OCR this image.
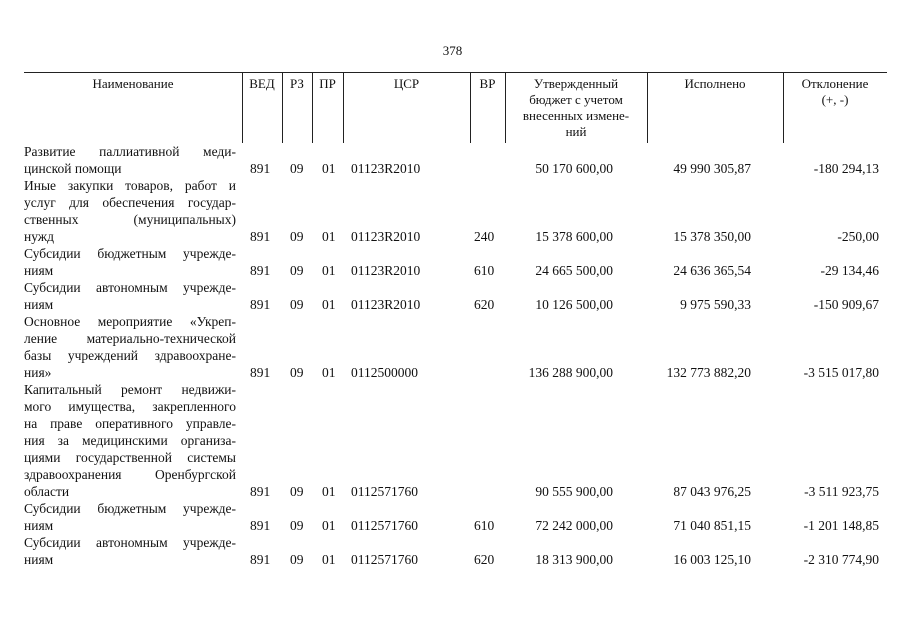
378
Наименование	ВЕД	РЗ	ПР	ЦСР	ВР	Утвержденный
бюджет с учетом
внесенных измене-
ний
Исполнено	Отклонение
(+, -)
Развитие паллиативной меди-
цинской помощи	891 09 01 01123R2010	50 170 600,00	49 990 305,87	-180 294,13
Иные закупки товаров, работ и
услуг для обеспечения государ-
ственных (муниципальных)
нужд	891 09 01 01123R2010	240	15 378 600,00	15 378 350,00	-250,00
Субсидии бюджетным учрежде-
ниям	891 09 01 01123R2010	610	24 665 500,00	24 636 365,54	-29 134,46
Субсидии автономным учрежде-
ниям	891 09 01 01123R2010	620	10 126 500,00	9 975 590,33	-150 909,67
Основное мероприятие «Укреп-
ление материально-технической
базы учреждений здравоохране-
ния»	891 09 01 0112500000	136 288 900,00	132 773 882,20	-3 515 017,80
Капитальный ремонт недвижи-
мого имущества, закрепленного
на праве оперативного управле-
ния за медицинскими организа-
циями государственной системы
здравоохранения Оренбургской
области	891 09 01 0112571760	90 555 900,00	87 043 976,25	-3 511 923,75
Субсидии бюджетным учрежде-
ниям	891 09 01 0112571760	610	72 242 000,00	71 040 851,15	-1 201 148,85
Субсидии автономным учрежде-
ниям	891 09 01 0112571760	620	18 313 900,00	16 003 125,10	-2 310 774,90
